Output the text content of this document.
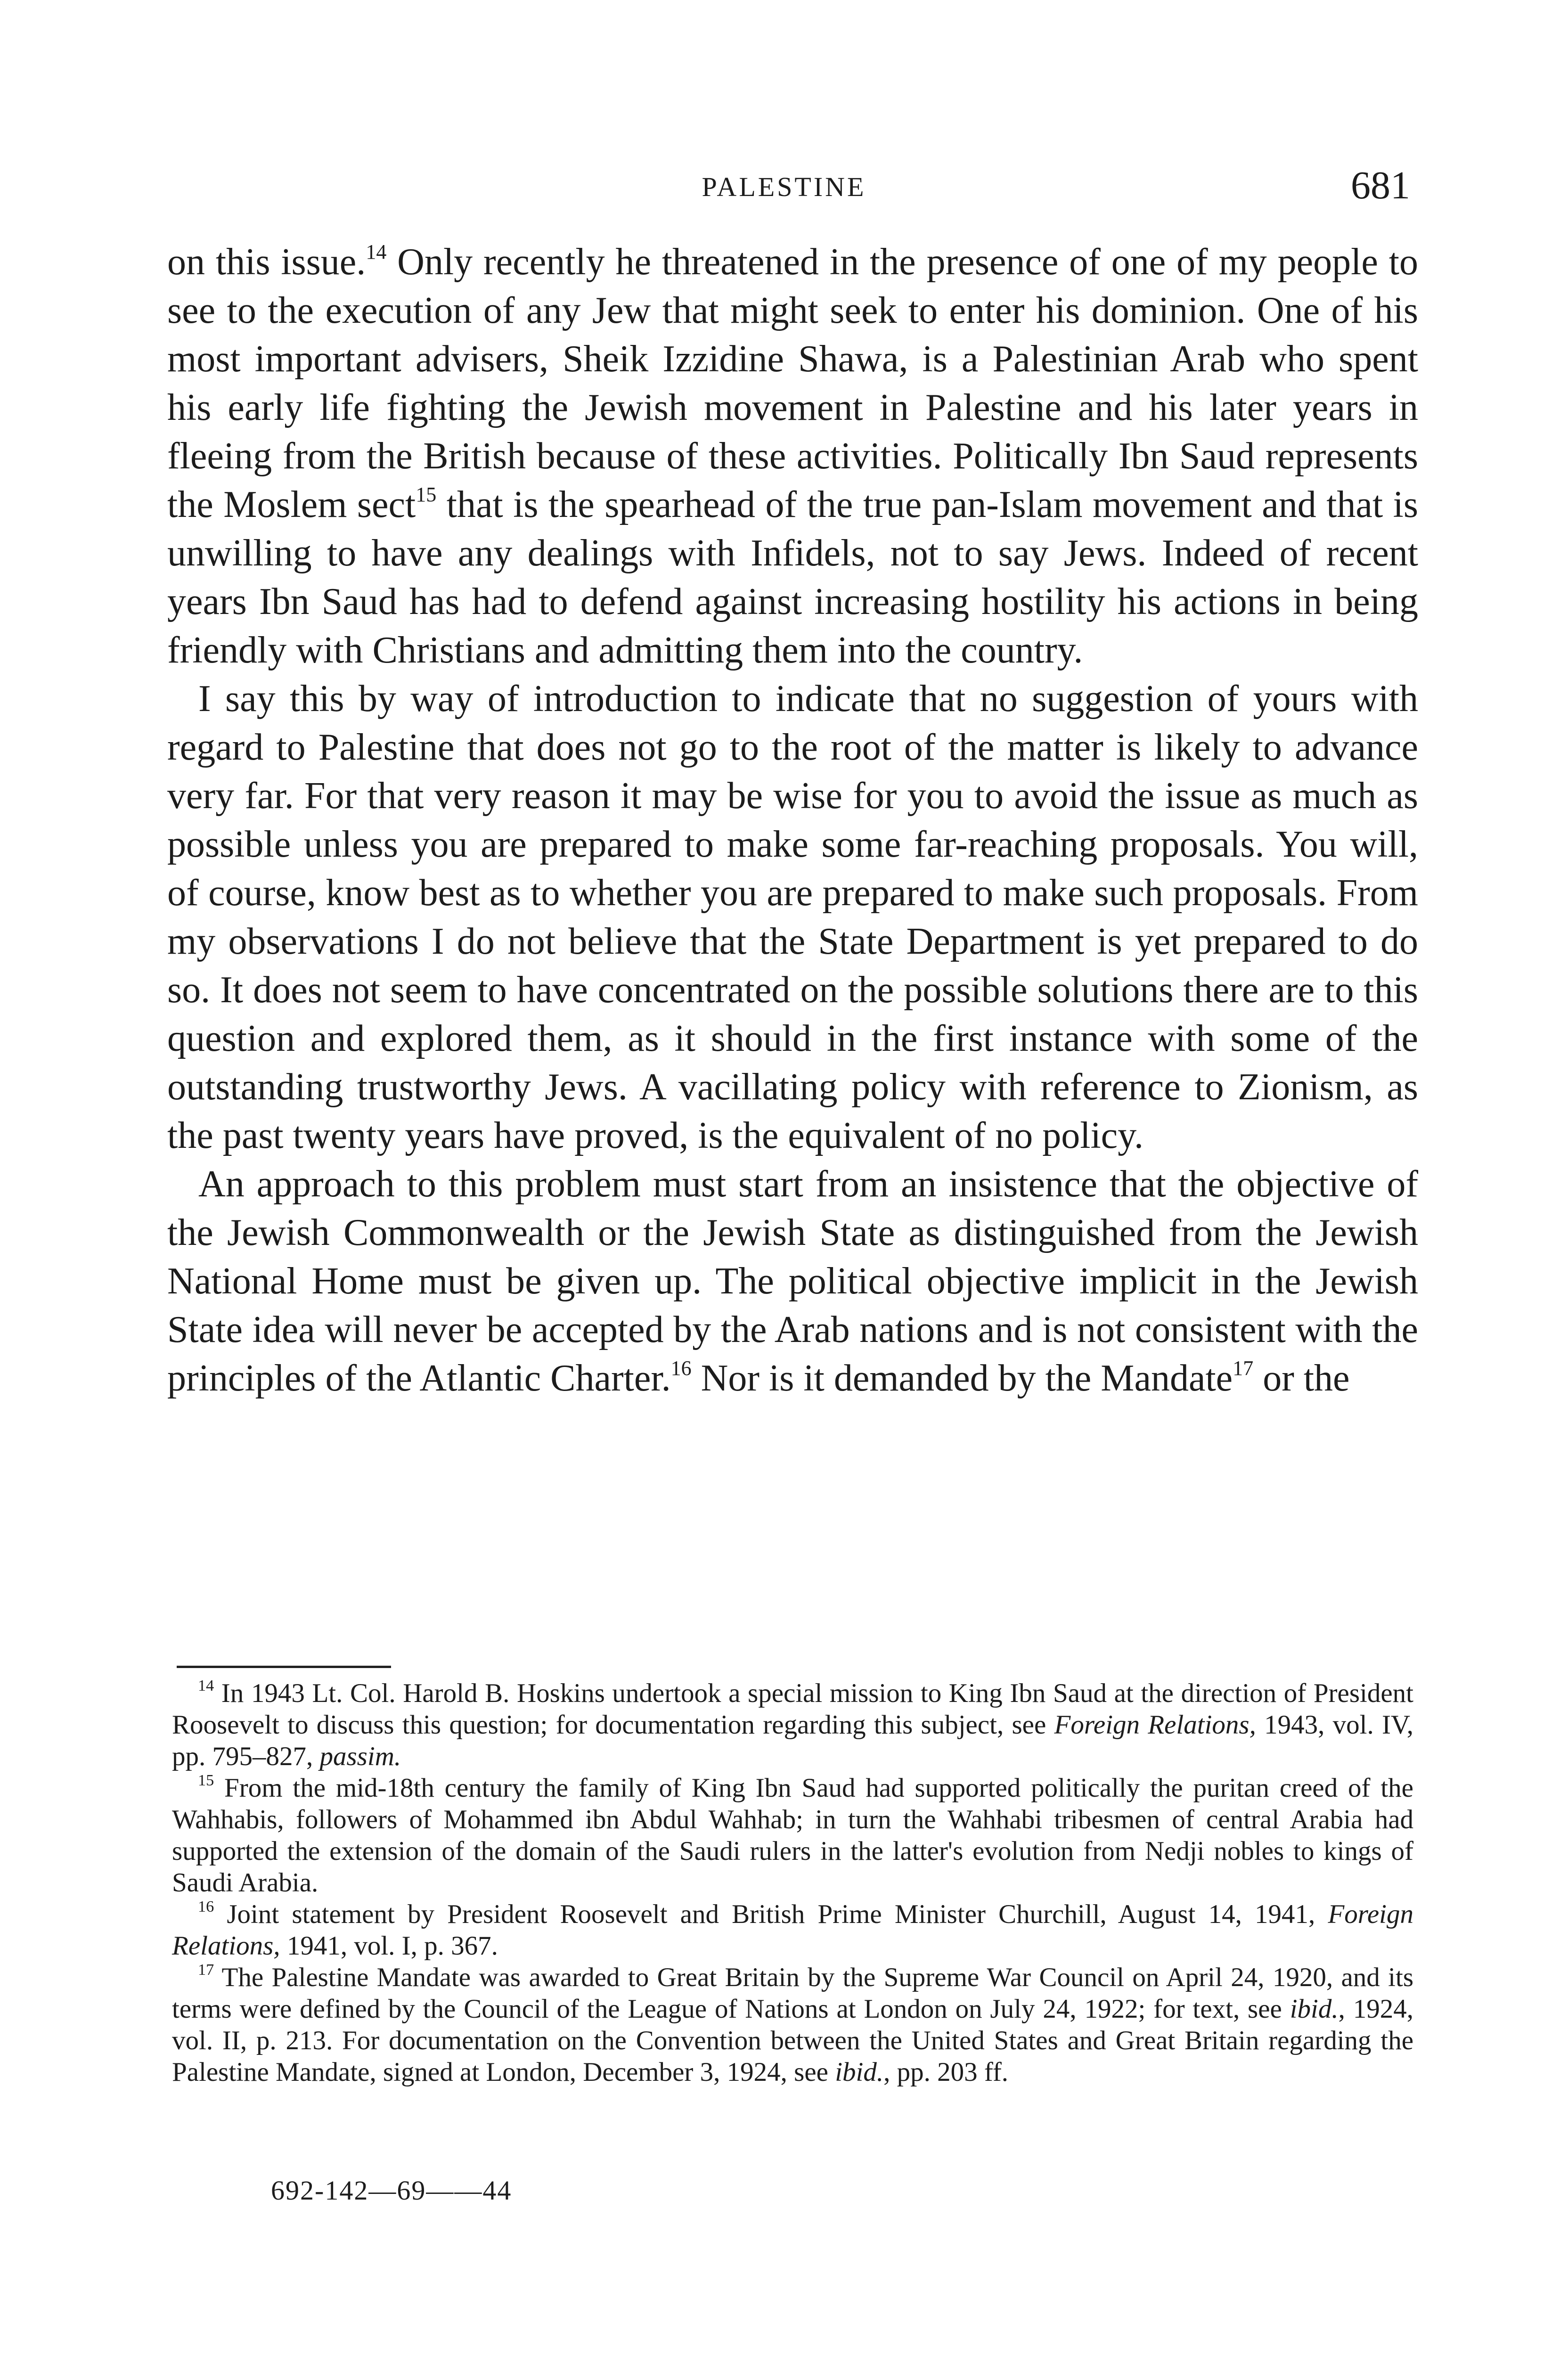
PALESTINE	681

on this issue.$^{14}$ Only recently he threatened in the presence of one of my people to see to the execution of any Jew that might seek to enter his dominion. One of his most important advisers, Sheik Izzidine Shawa, is a Palestinian Arab who spent his early life fighting the Jewish movement in Palestine and his later years in fleeing from the British because of these activities. Politically Ibn Saud represents the Moslem sect$^{15}$ that is the spearhead of the true pan-Islam movement and that is unwilling to have any dealings with Infidels, not to say Jews. Indeed of recent years Ibn Saud has had to defend against increasing hostility his actions in being friendly with Christians and admitting them into the country.

I say this by way of introduction to indicate that no suggestion of yours with regard to Palestine that does not go to the root of the matter is likely to advance very far. For that very reason it may be wise for you to avoid the issue as much as possible unless you are prepared to make some far-reaching proposals. You will, of course, know best as to whether you are prepared to make such proposals. From my observations I do not believe that the State Department is yet prepared to do so. It does not seem to have concentrated on the possible solutions there are to this question and explored them, as it should in the first instance with some of the outstanding trustworthy Jews. A vacillating policy with reference to Zionism, as the past twenty years have proved, is the equivalent of no policy.

An approach to this problem must start from an insistence that the objective of the Jewish Commonwealth or the Jewish State as distinguished from the Jewish National Home must be given up. The political objective implicit in the Jewish State idea will never be accepted by the Arab nations and is not consistent with the principles of the Atlantic Charter.$^{16}$ Nor is it demanded by the Mandate$^{17}$ or the

$^{14}$ In 1943 Lt. Col. Harold B. Hoskins undertook a special mission to King Ibn Saud at the direction of President Roosevelt to discuss this question; for documentation regarding this subject, see Foreign Relations, 1943, vol. IV, pp. 795–827, passim.

$^{15}$ From the mid-18th century the family of King Ibn Saud had supported politically the puritan creed of the Wahhabis, followers of Mohammed ibn Abdul Wahhab; in turn the Wahhabi tribesmen of central Arabia had supported the extension of the domain of the Saudi rulers in the latter's evolution from Nedji nobles to kings of Saudi Arabia.

$^{16}$ Joint statement by President Roosevelt and British Prime Minister Churchill, August 14, 1941, Foreign Relations, 1941, vol. I, p. 367.

$^{17}$ The Palestine Mandate was awarded to Great Britain by the Supreme War Council on April 24, 1920, and its terms were defined by the Council of the League of Nations at London on July 24, 1922; for text, see ibid., 1924, vol. II, p. 213. For documentation on the Convention between the United States and Great Britain regarding the Palestine Mandate, signed at London, December 3, 1924, see ibid., pp. 203 ff.

692-142—69——44
